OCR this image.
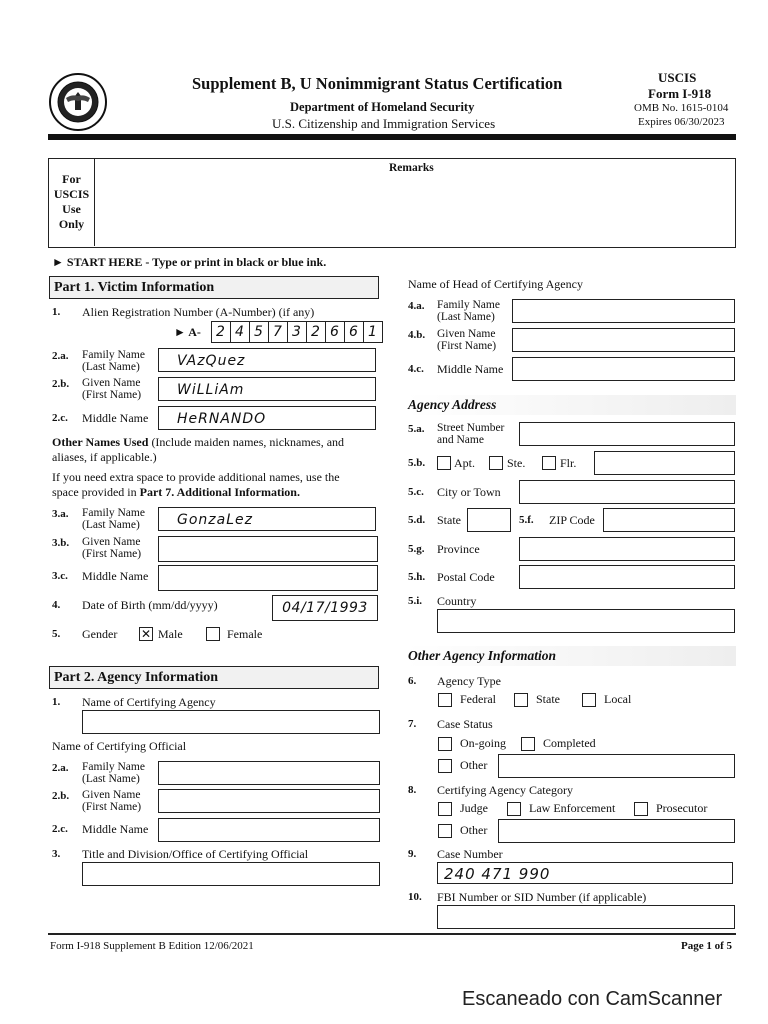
Supplement B, U Nonimmigrant Status Certification
Department of Homeland Security
U.S. Citizenship and Immigration Services
USCIS
Form I-918
OMB No. 1615-0104
Expires 06/30/2023
For
USCIS
Use
Only
Remarks
► START HERE - Type or print in black or blue ink.
Part 1. Victim Information
1. Alien Registration Number (A-Number) (if any)
► A-	2 4 5 7 3 2 6 6 1
2.a. Family Name
(Last Name)	VAzQuez
2.b. Given Name
(First Name)	WiLLiAm
2.c. Middle Name	HeRNANDO
Other Names Used (Include maiden names, nicknames, and
aliases, if applicable.)
If you need extra space to provide additional names, use the
space provided in Part 7. Additional Information.
3.a. Family Name
(Last Name)	GonzaLez
3.b. Given Name
(First Name)
3.c. Middle Name
4. Date of Birth (mm/dd/yyyy)	04/17/1993
5. Gender ✕ Male	Female
Part 2. Agency Information
1. Name of Certifying Agency
Name of Certifying Official
2.a. Family Name
(Last Name)
2.b. Given Name
(First Name)
2.c. Middle Name
3. Title and Division/Office of Certifying Official
Name of Head of Certifying Agency
4.a. Family Name
(Last Name)
4.b. Given Name
(First Name)
4.c. Middle Name
Agency Address
5.a. Street Number
and Name
5.b. Apt.	Ste.	Flr.
5.c. City or Town
5.d. State	5.f. ZIP Code
5.g. Province
5.h. Postal Code
5.i. Country
Other Agency Information
6. Agency Type
Federal	State	Local
7. Case Status
On-going	Completed
Other
8. Certifying Agency Category
Judge	Law Enforcement	Prosecutor
Other
9. Case Number
240 471 990
10. FBI Number or SID Number (if applicable)
Form I-918 Supplement B Edition 12/06/2021	Page 1 of 5
Escaneado con CamScanner
